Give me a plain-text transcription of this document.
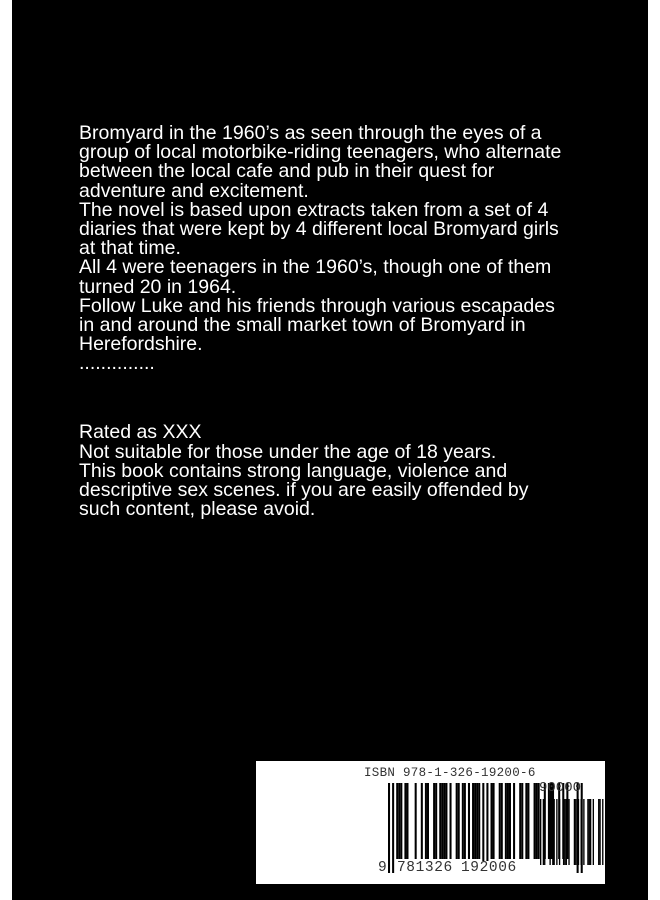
Bromyard in the 1960’s as seen through the eyes of a
group of local motorbike-riding teenagers, who alternate
between the local cafe and pub in their quest for
adventure and excitement.
The novel is based upon extracts taken from a set of 4
diaries that were kept by 4 different local Bromyard girls
at that time.
All 4 were teenagers in the 1960’s, though one of them
turned 20 in 1964.
Follow Luke and his friends through various escapades
in and around the small market town of Bromyard in
Herefordshire.
..............
Rated as XXX
Not suitable for those under the age of 18 years.
This book contains strong language, violence and
descriptive sex scenes. if you are easily offended by
such content, please avoid.
ISBN 978-1-326-19200-6
90000
9 781326 192006
